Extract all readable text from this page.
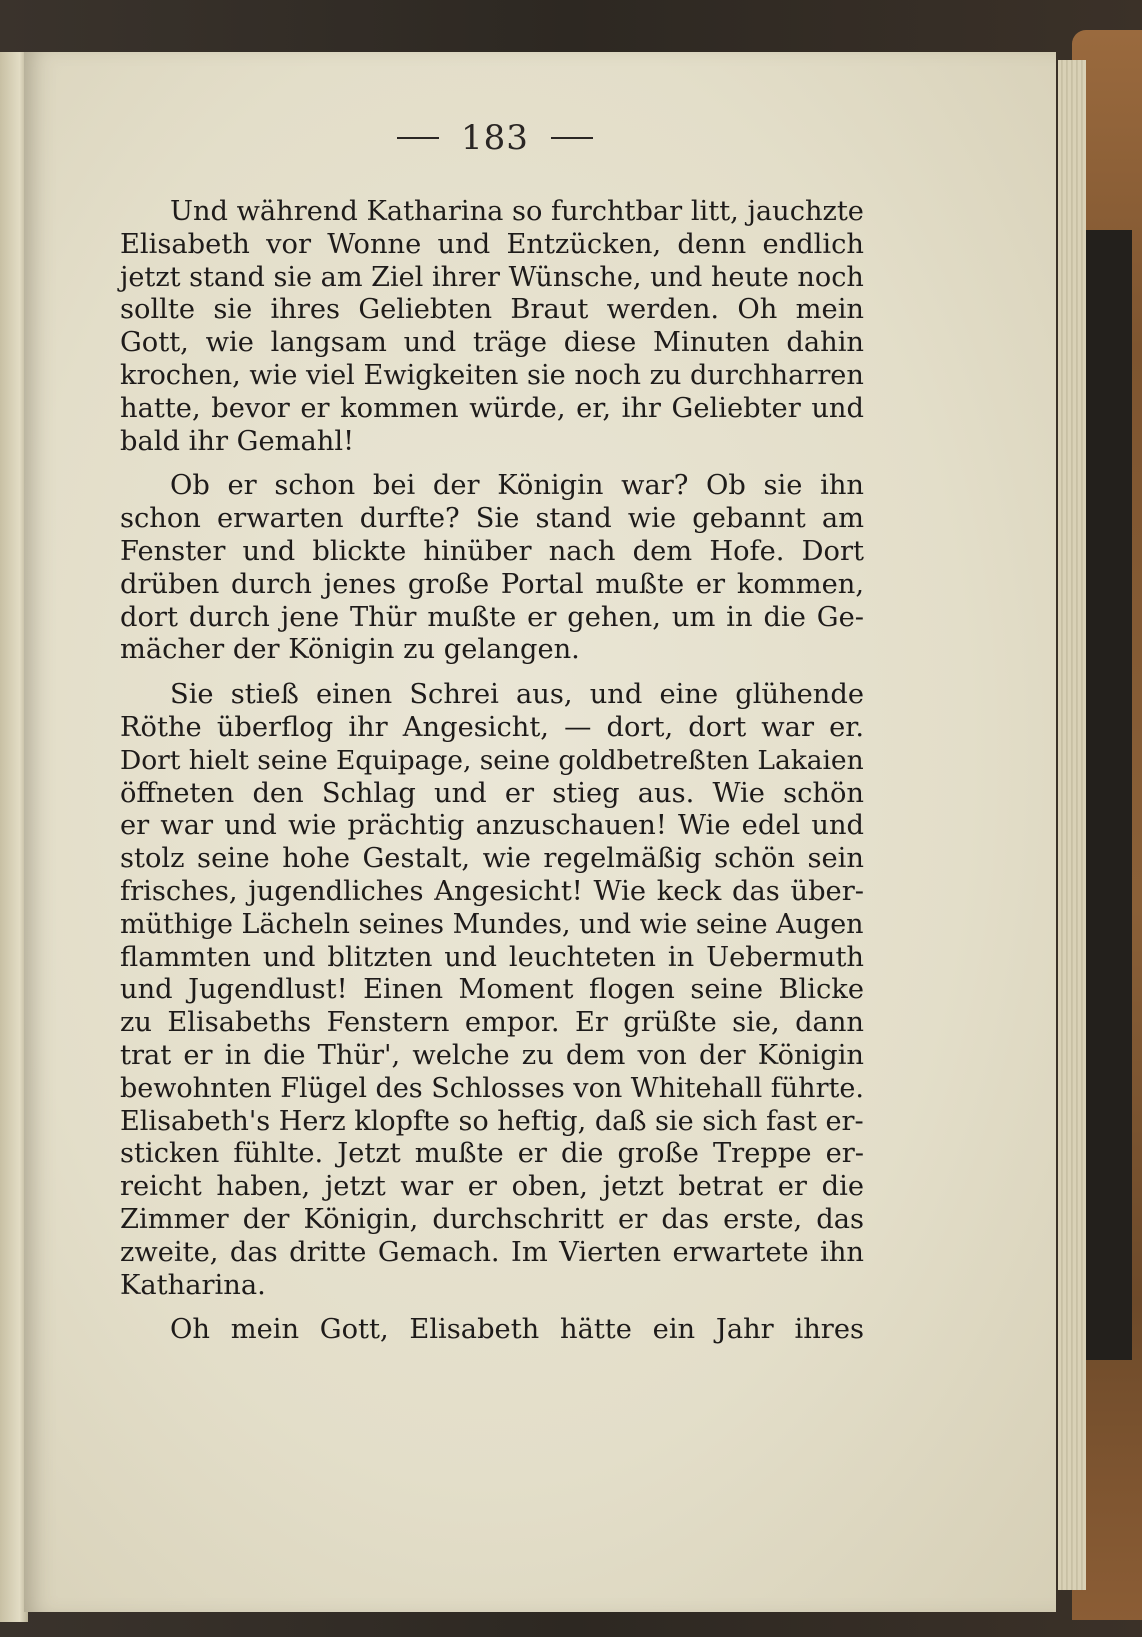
183
Und während Katharina so furchtbar litt, jauchzte
Elisabeth vor Wonne und Entzücken, denn endlich
jetzt stand sie am Ziel ihrer Wünsche, und heute noch
sollte sie ihres Geliebten Braut werden. Oh mein
Gott, wie langsam und träge diese Minuten dahin
krochen, wie viel Ewigkeiten sie noch zu durchharren
hatte, bevor er kommen würde, er, ihr Geliebter und
bald ihr Gemahl!
Ob er schon bei der Königin war? Ob sie ihn
schon erwarten durfte? Sie stand wie gebannt am
Fenster und blickte hinüber nach dem Hofe. Dort
drüben durch jenes große Portal mußte er kommen,
dort durch jene Thür mußte er gehen, um in die Ge-
mächer der Königin zu gelangen.
Sie stieß einen Schrei aus, und eine glühende
Röthe überflog ihr Angesicht, — dort, dort war er.
Dort hielt seine Equipage, seine goldbetreßten Lakaien
öffneten den Schlag und er stieg aus. Wie schön
er war und wie prächtig anzuschauen! Wie edel und
stolz seine hohe Gestalt, wie regelmäßig schön sein
frisches, jugendliches Angesicht! Wie keck das über-
müthige Lächeln seines Mundes, und wie seine Augen
flammten und blitzten und leuchteten in Uebermuth
und Jugendlust! Einen Moment flogen seine Blicke
zu Elisabeths Fenstern empor. Er grüßte sie, dann
trat er in die Thür', welche zu dem von der Königin
bewohnten Flügel des Schlosses von Whitehall führte.
Elisabeth's Herz klopfte so heftig, daß sie sich fast er-
sticken fühlte. Jetzt mußte er die große Treppe er-
reicht haben, jetzt war er oben, jetzt betrat er die
Zimmer der Königin, durchschritt er das erste, das
zweite, das dritte Gemach. Im Vierten erwartete ihn
Katharina.
Oh mein Gott, Elisabeth hätte ein Jahr ihres
